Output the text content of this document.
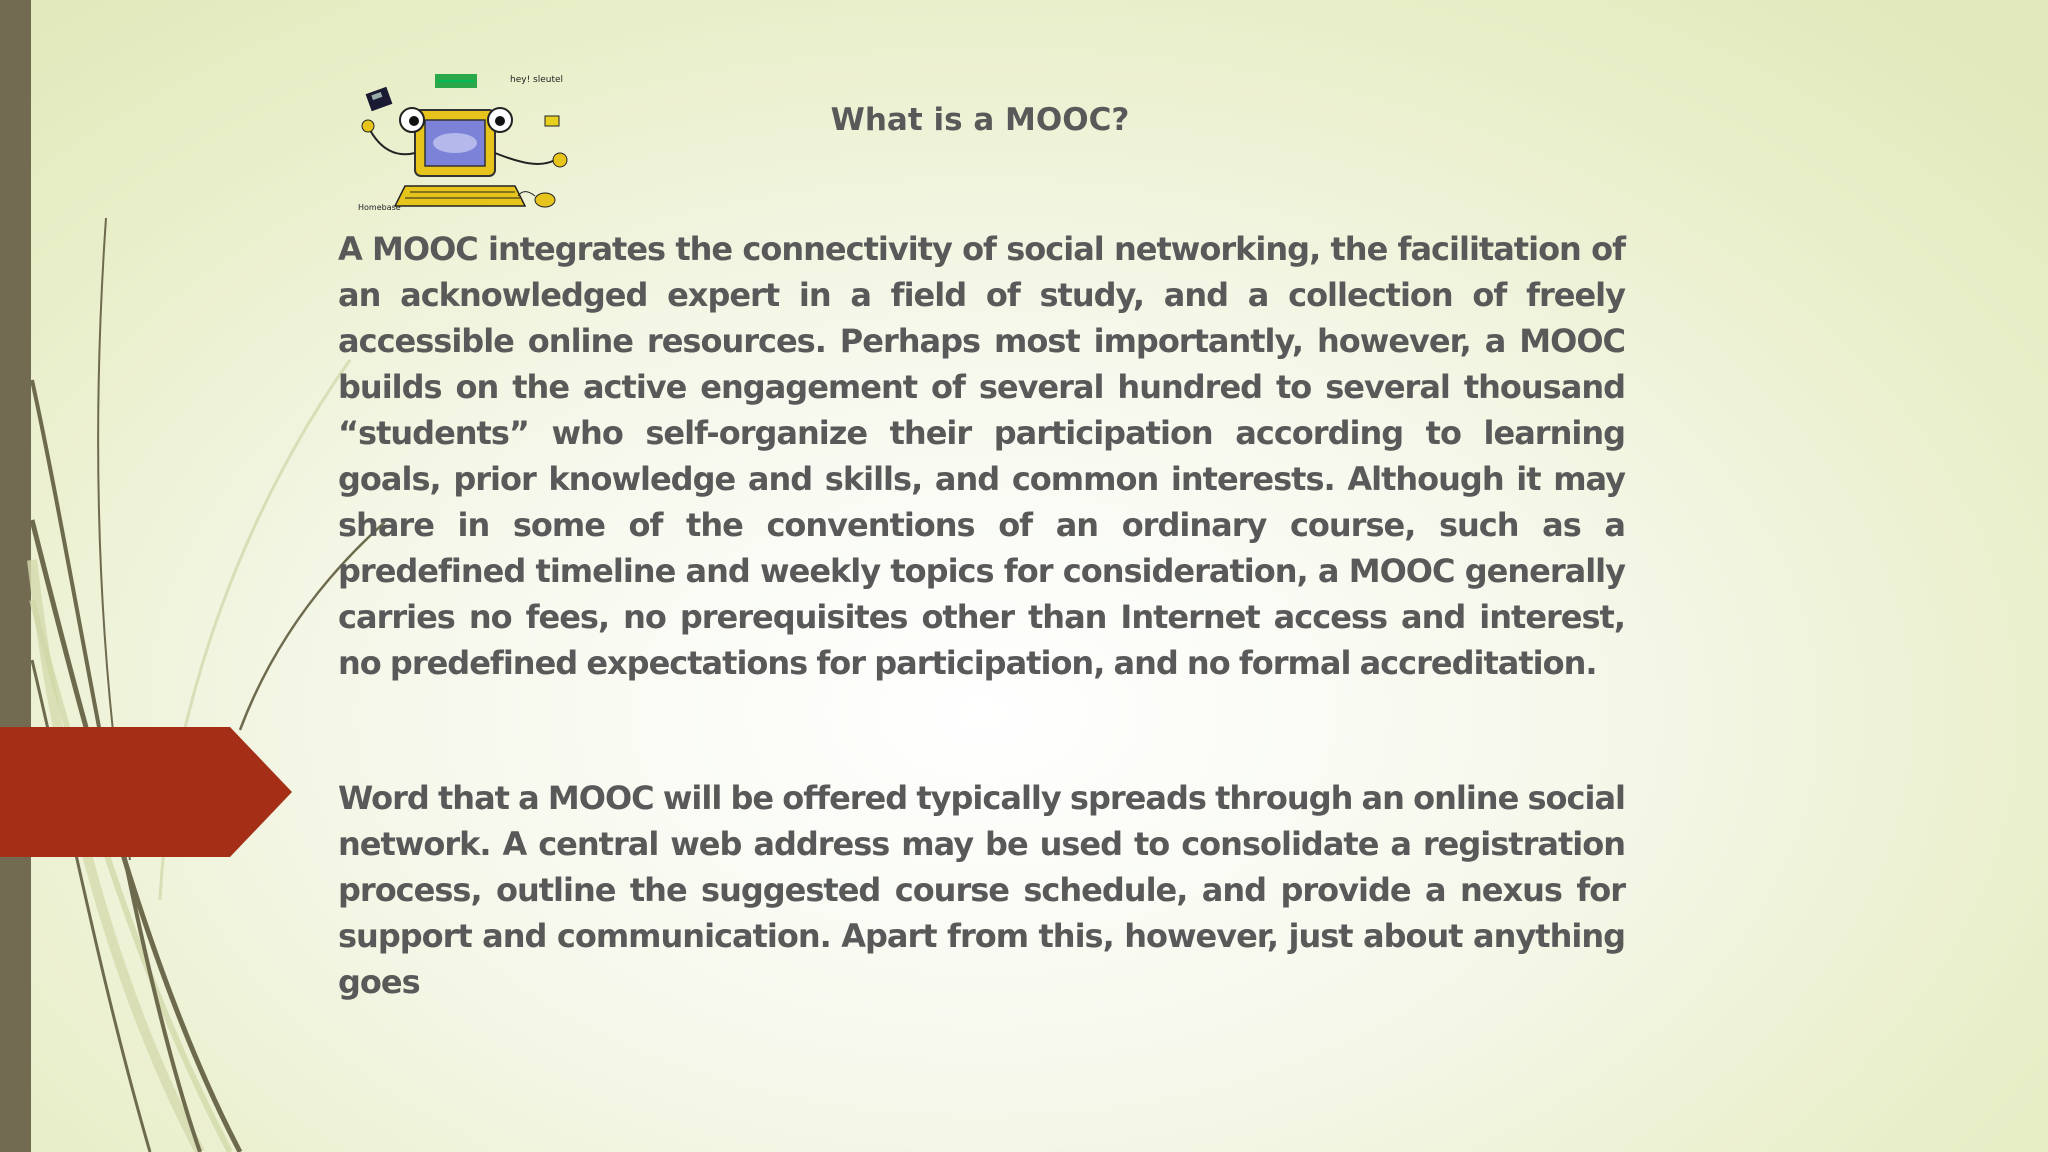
hey! sleutel
Homebase
What is a MOOC?

A MOOC integrates the connectivity of social networking, the facilitation of an acknowledged expert in a field of study, and a collection of freely accessible online resources. Perhaps most importantly, however, a MOOC builds on the active engagement of several hundred to several thousand “students” who self-organize their participation according to learning goals, prior knowledge and skills, and common interests. Although it may share in some of the conventions of an ordinary course, such as a predefined timeline and weekly topics for consideration, a MOOC generally carries no fees, no prerequisites other than Internet access and interest, no predefined expectations for participation, and no formal accreditation.

Word that a MOOC will be offered typically spreads through an online social network. A central web address may be used to consolidate a registration process, outline the suggested course schedule, and provide a nexus for support and communication. Apart from this, however, just about anything goes
